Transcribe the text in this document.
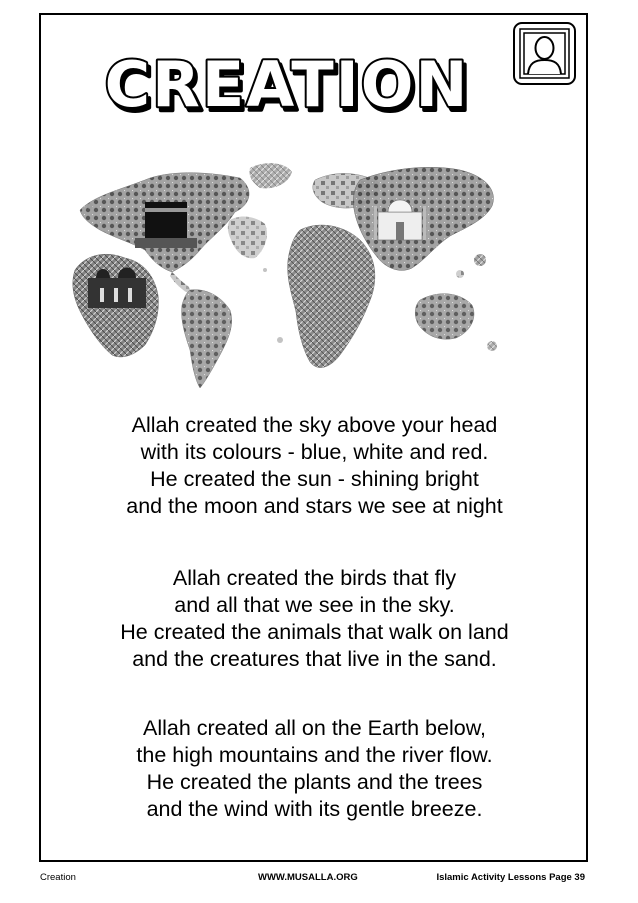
CREATION
Allah created the sky above your head
with its colours - blue, white and red.
He created the sun - shining bright
and the moon and stars we see at night
Allah created the birds that fly
and all that we see in the sky.
He created the animals that walk on land
and the creatures that live in the sand.
Allah created all on the Earth below,
the high mountains and the river flow.
He created the plants and the trees
and the wind with its gentle breeze.
Creation	WWW.MUSALLA.ORG	Islamic Activity Lessons Page 39
